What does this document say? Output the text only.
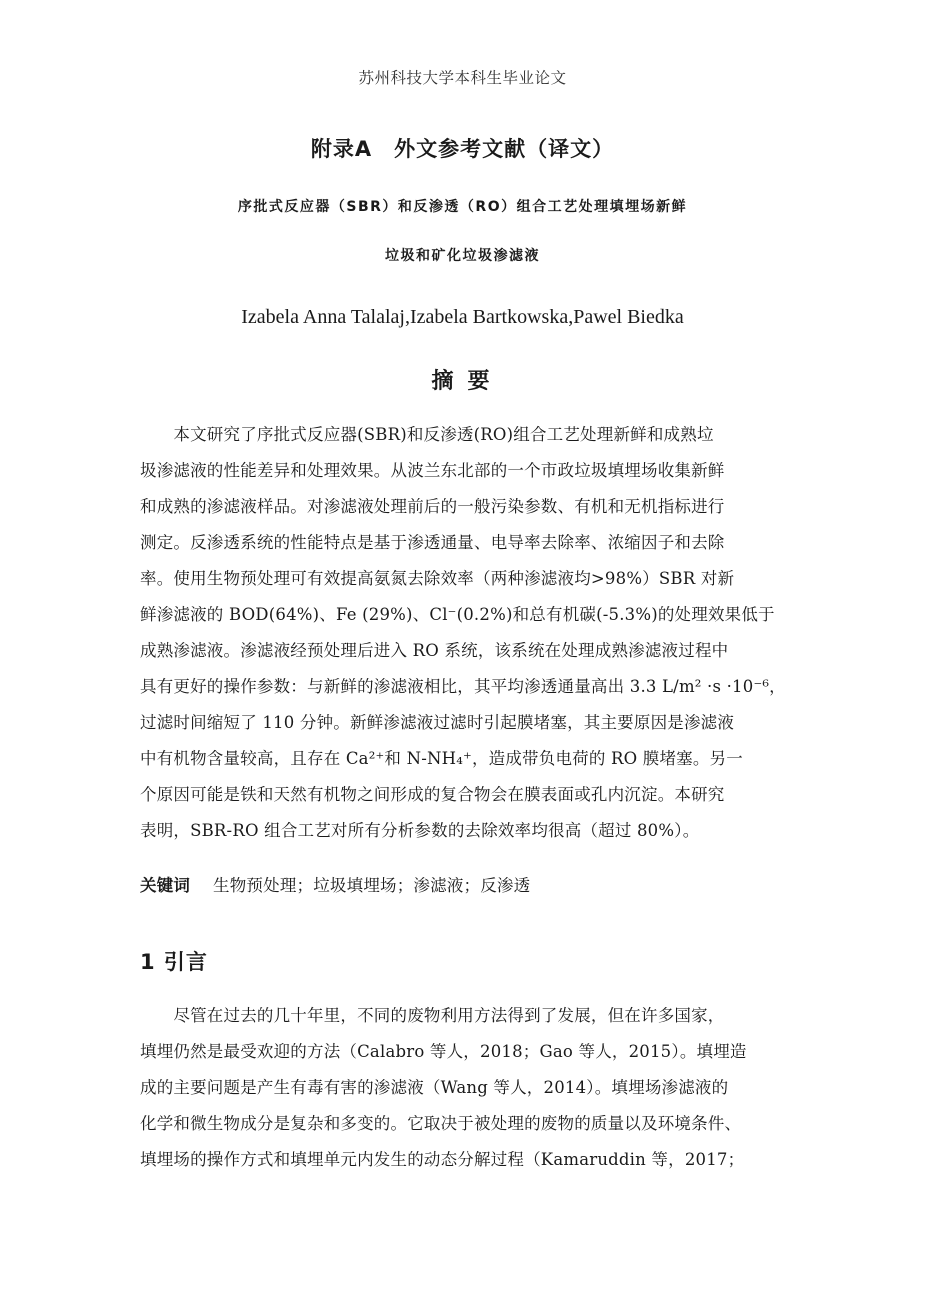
苏州科技大学本科生毕业论文
附录A　外文参考文献（译文）
序批式反应器（SBR）和反渗透（RO）组合工艺处理填埋场新鲜
垃圾和矿化垃圾渗滤液
Izabela Anna Talalaj,Izabela Bartkowska,Pawel Biedka
摘要
　　本文研究了序批式反应器(SBR)和反渗透(RO)组合工艺处理新鲜和成熟垃
圾渗滤液的性能差异和处理效果。从波兰东北部的一个市政垃圾填埋场收集新鲜
和成熟的渗滤液样品。对渗滤液处理前后的一般污染参数、有机和无机指标进行
测定。反渗透系统的性能特点是基于渗透通量、电导率去除率、浓缩因子和去除
率。使用生物预处理可有效提高氨氮去除效率（两种渗滤液均>98%）SBR 对新
鲜渗滤液的 BOD(64%)、Fe (29%)、Cl⁻(0.2%)和总有机碳(-5.3%)的处理效果低于
成熟渗滤液。渗滤液经预处理后进入 RO 系统，该系统在处理成熟渗滤液过程中
具有更好的操作参数：与新鲜的渗滤液相比，其平均渗透通量高出 3.3 L/m² ·s ·10⁻⁶，
过滤时间缩短了 110 分钟。新鲜渗滤液过滤时引起膜堵塞，其主要原因是渗滤液
中有机物含量较高，且存在 Ca²⁺和 N-NH₄⁺，造成带负电荷的 RO 膜堵塞。另一
个原因可能是铁和天然有机物之间形成的复合物会在膜表面或孔内沉淀。本研究
表明，SBR-RO 组合工艺对所有分析参数的去除效率均很高（超过 80%）。
关键词 生物预处理；垃圾填埋场；渗滤液；反渗透
1 引言
　　尽管在过去的几十年里，不同的废物利用方法得到了发展，但在许多国家，
填埋仍然是最受欢迎的方法（Calabro 等人，2018；Gao 等人，2015）。填埋造
成的主要问题是产生有毒有害的渗滤液（Wang 等人，2014）。填埋场渗滤液的
化学和微生物成分是复杂和多变的。它取决于被处理的废物的质量以及环境条件、
填埋场的操作方式和填埋单元内发生的动态分解过程（Kamaruddin 等，2017；
